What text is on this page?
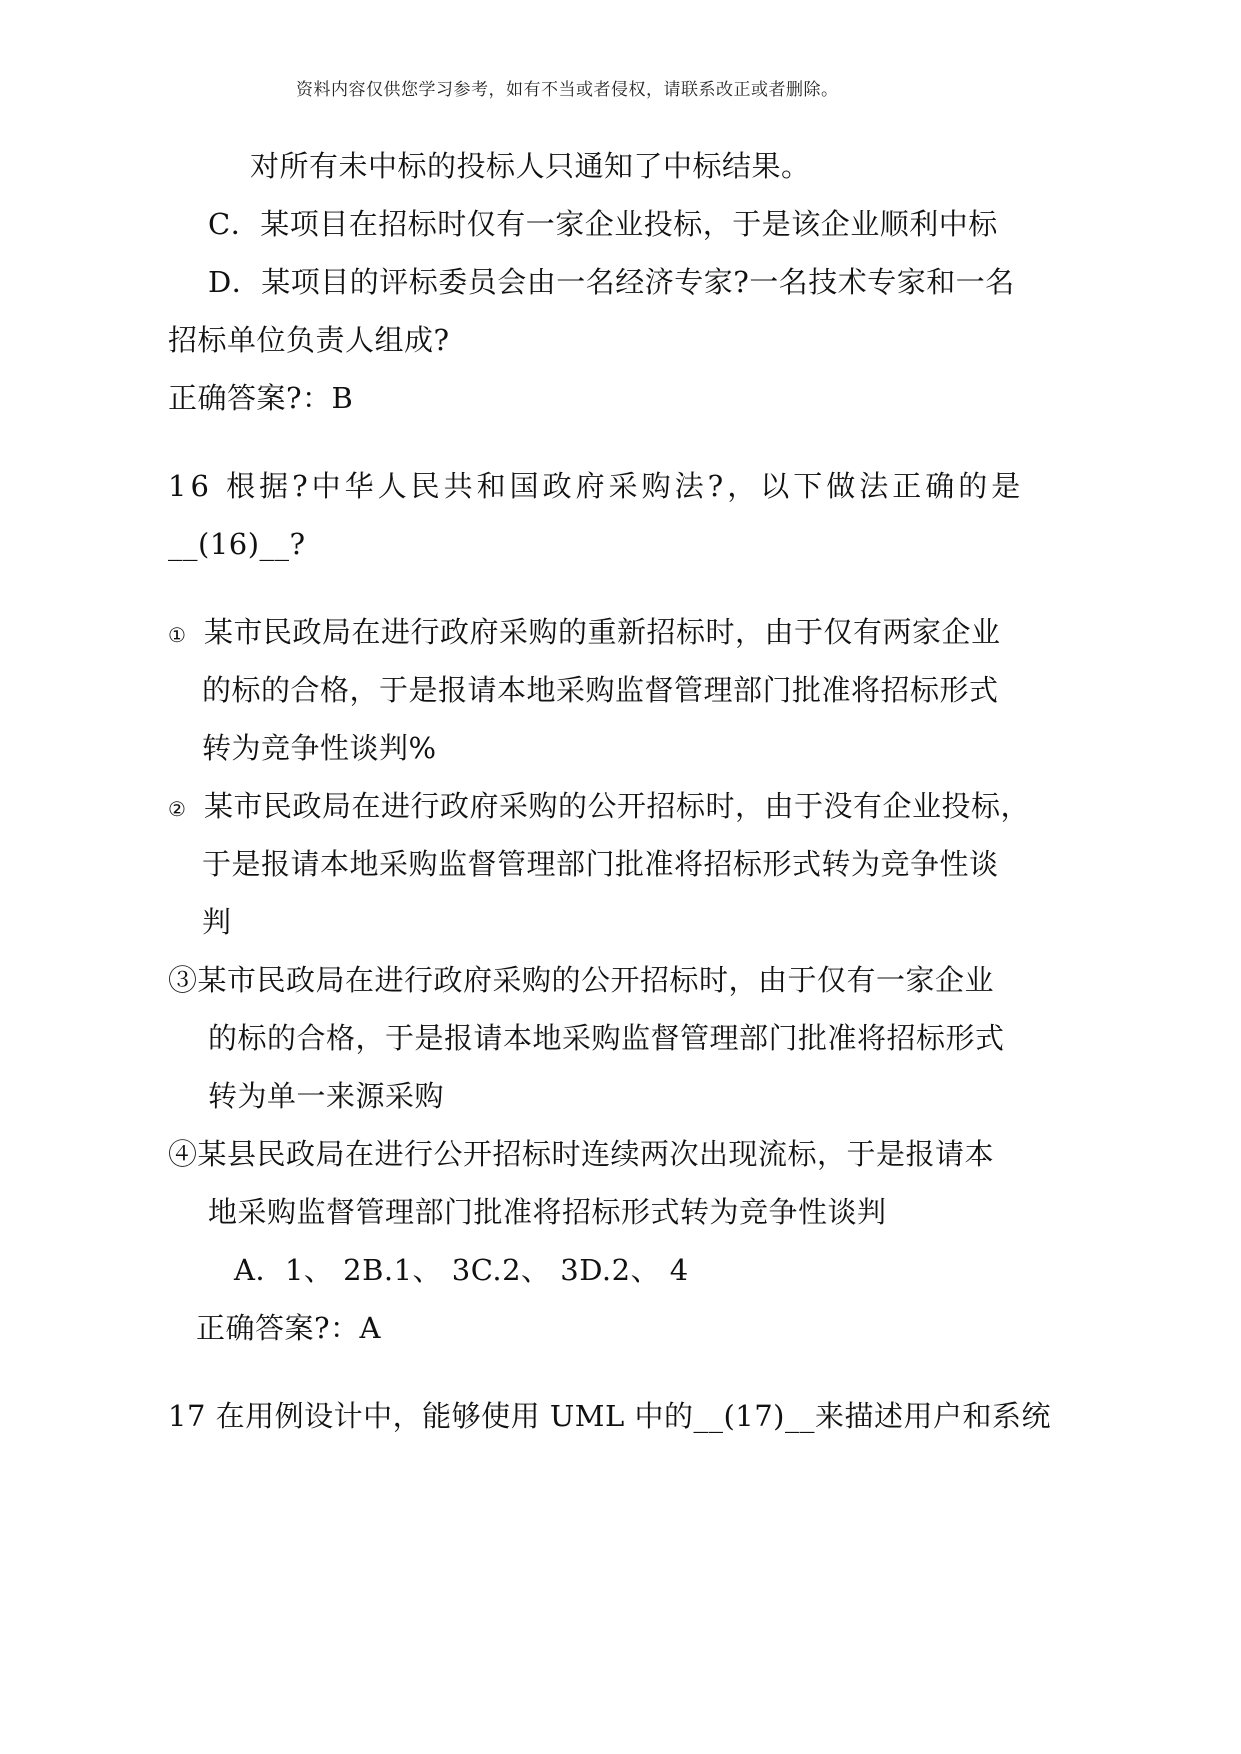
资料内容仅供您学习参考，如有不当或者侵权，请联系改正或者删除。
对所有未中标的投标人只通知了中标结果。
C．某项目在招标时仅有一家企业投标，于是该企业顺利中标
D．某项目的评标委员会由一名经济专家?一名技术专家和一名
招标单位负责人组成?
正确答案?：B
16 根据?中华人民共和国政府采购法?，以下做法正确的是
__(16)__?
① 某市民政局在进行政府采购的重新招标时，由于仅有两家企业
的标的合格，于是报请本地采购监督管理部门批准将招标形式
转为竞争性谈判%
② 某市民政局在进行政府采购的公开招标时，由于没有企业投标，
于是报请本地采购监督管理部门批准将招标形式转为竞争性谈
判
③某市民政局在进行政府采购的公开招标时，由于仅有一家企业
的标的合格，于是报请本地采购监督管理部门批准将招标形式
转为单一来源采购
④某县民政局在进行公开招标时连续两次出现流标，于是报请本
地采购监督管理部门批准将招标形式转为竞争性谈判
A．1、 2B.1、 3C.2、 3D.2、 4
正确答案?：A
17 在用例设计中，能够使用 UML 中的__(17)__来描述用户和系统
